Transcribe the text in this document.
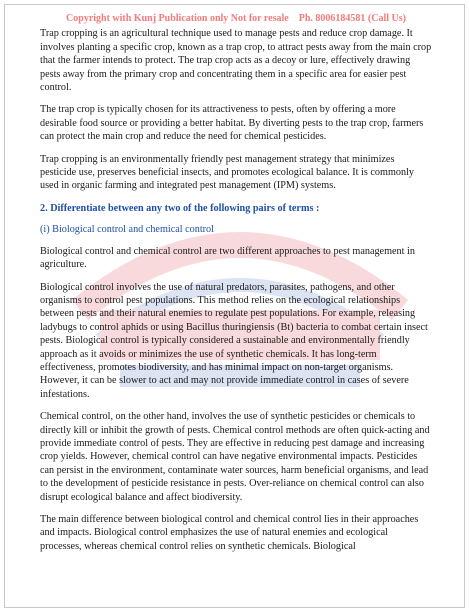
Copyright with Kunj Publication only Not for resale Ph. 8006184581 (Call Us)

Trap cropping is an agricultural technique used to manage pests and reduce crop damage. It involves planting a specific crop, known as a trap crop, to attract pests away from the main crop that the farmer intends to protect. The trap crop acts as a decoy or lure, effectively drawing pests away from the primary crop and concentrating them in a specific area for easier pest control.

The trap crop is typically chosen for its attractiveness to pests, often by offering a more desirable food source or providing a better habitat. By diverting pests to the trap crop, farmers can protect the main crop and reduce the need for chemical pesticides.

Trap cropping is an environmentally friendly pest management strategy that minimizes pesticide use, preserves beneficial insects, and promotes ecological balance. It is commonly used in organic farming and integrated pest management (IPM) systems.

2. Differentiate between any two of the following pairs of terms :
(i) Biological control and chemical control

Biological control and chemical control are two different approaches to pest management in agriculture.

Biological control involves the use of natural predators, parasites, pathogens, and other organisms to control pest populations. This method relies on the ecological relationships between pests and their natural enemies to regulate pest populations. For example, releasing ladybugs to control aphids or using Bacillus thuringiensis (Bt) bacteria to combat certain insect pests. Biological control is typically considered a sustainable and environmentally friendly approach as it avoids or minimizes the use of synthetic chemicals. It has long-term effectiveness, promotes biodiversity, and has minimal impact on non-target organisms. However, it can be slower to act and may not provide immediate control in cases of severe infestations.

Chemical control, on the other hand, involves the use of synthetic pesticides or chemicals to directly kill or inhibit the growth of pests. Chemical control methods are often quick-acting and provide immediate control of pests. They are effective in reducing pest damage and increasing crop yields. However, chemical control can have negative environmental impacts. Pesticides can persist in the environment, contaminate water sources, harm beneficial organisms, and lead to the development of pesticide resistance in pests. Over-reliance on chemical control can also disrupt ecological balance and affect biodiversity.

The main difference between biological control and chemical control lies in their approaches and impacts. Biological control emphasizes the use of natural enemies and ecological processes, whereas chemical control relies on synthetic chemicals. Biological
